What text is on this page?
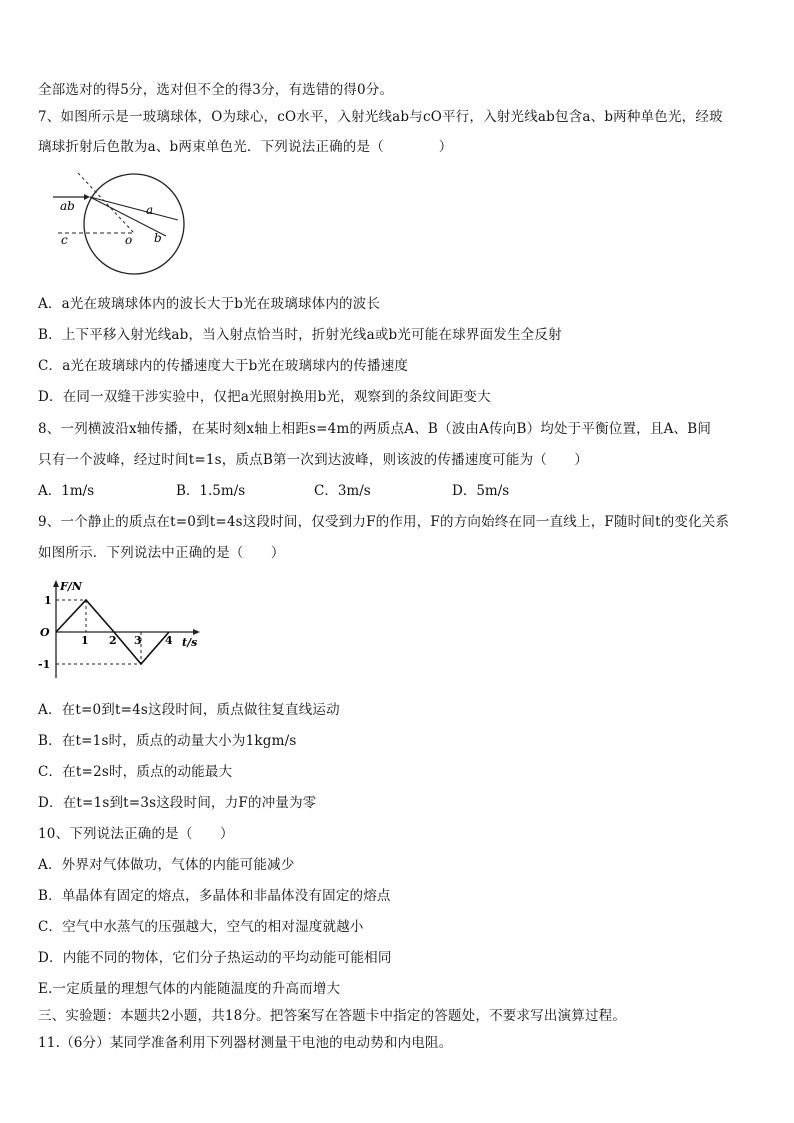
全部选对的得5分，选对但不全的得3分，有选错的得0分。
7、如图所示是一玻璃球体，O为球心，cO水平，入射光线ab与cO平行，入射光线ab包含a、b两种单色光，经玻
璃球折射后色散为a、b两束单色光．下列说法正确的是（　　　　）
ab	a
b
c	o
A．a光在玻璃球体内的波长大于b光在玻璃球体内的波长
B．上下平移入射光线ab，当入射点恰当时，折射光线a或b光可能在球界面发生全反射
C．a光在玻璃球内的传播速度大于b光在玻璃球内的传播速度
D．在同一双缝干涉实验中，仅把a光照射换用b光，观察到的条纹间距变大
8、一列横波沿x轴传播，在某时刻x轴上相距s=4m的两质点A、B（波由A传向B）均处于平衡位置，且A、B间
只有一个波峰，经过时间t=1s，质点B第一次到达波峰，则该波的传播速度可能为（　　）
A．1m/s	B．1.5m/s	C．3m/s	D．5m/s
9、一个静止的质点在t=0到t=4s这段时间，仅受到力F的作用，F的方向始终在同一直线上，F随时间t的变化关系
如图所示．下列说法中正确的是（　　）
F/N
t/s
O
1
-1
1 2 3 4
A．在t=0到t=4s这段时间，质点做往复直线运动
B．在t=1s时，质点的动量大小为1kgm/s
C．在t=2s时，质点的动能最大
D．在t=1s到t=3s这段时间，力F的冲量为零
10、下列说法正确的是（　　）
A．外界对气体做功，气体的内能可能减少
B．单晶体有固定的熔点，多晶体和非晶体没有固定的熔点
C．空气中水蒸气的压强越大，空气的相对湿度就越小
D．内能不同的物体，它们分子热运动的平均动能可能相同
E.一定质量的理想气体的内能随温度的升高而增大
三、实验题：本题共2小题，共18分。把答案写在答题卡中指定的答题处，不要求写出演算过程。
11.（6分）某同学准备利用下列器材测量干电池的电动势和内电阻。
